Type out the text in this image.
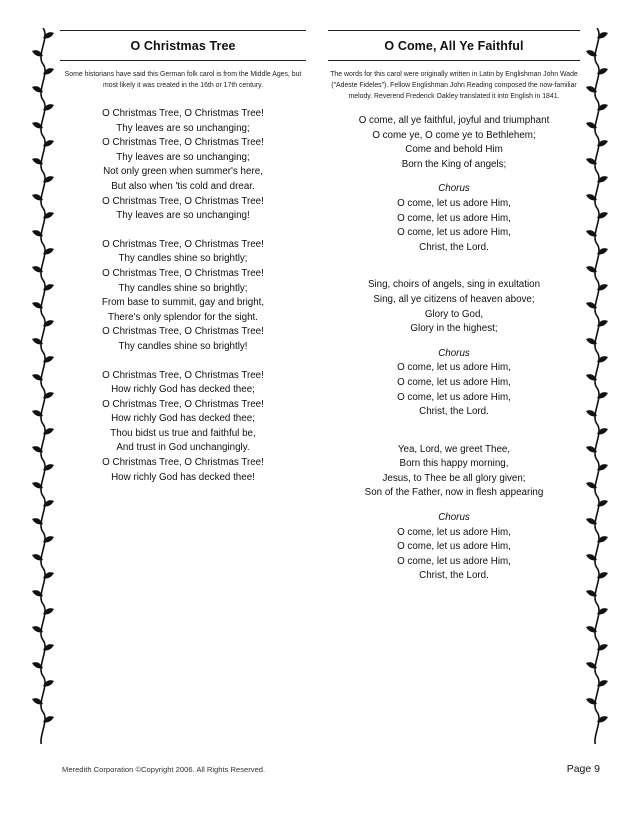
O Christmas Tree
Some historians have said this German folk carol is from the Middle Ages, but most likely it was created in the 16th or 17th century.
O Christmas Tree, O Christmas Tree!
Thy leaves are so unchanging;
O Christmas Tree, O Christmas Tree!
Thy leaves are so unchanging;
Not only green when summer's here,
But also when 'tis cold and drear.
O Christmas Tree, O Christmas Tree!
Thy leaves are so unchanging!
O Christmas Tree, O Christmas Tree!
Thy candles shine so brightly;
O Christmas Tree, O Christmas Tree!
Thy candles shine so brightly;
From base to summit, gay and bright,
There's only splendor for the sight.
O Christmas Tree, O Christmas Tree!
Thy candles shine so brightly!
O Christmas Tree, O Christmas Tree!
How richly God has decked thee;
O Christmas Tree, O Christmas Tree!
How richly God has decked thee;
Thou bidst us true and faithful be,
And trust in God unchangingly.
O Christmas Tree, O Christmas Tree!
How richly God has decked thee!
O Come, All Ye Faithful
The words for this carol were originally written in Latin by Englishman John Wade ("Adeste Fideles"). Fellow Englishman John Reading composed the now-familiar melody. Reverend Frederick Oakley translated it into English in 1841.
O come, all ye faithful, joyful and triumphant
O come ye, O come ye to Bethlehem;
Come and behold Him
Born the King of angels;
Chorus
O come, let us adore Him,
O come, let us adore Him,
O come, let us adore Him,
Christ, the Lord.
Sing, choirs of angels, sing in exultation
Sing, all ye citizens of heaven above;
Glory to God,
Glory in the highest;
Chorus
O come, let us adore Him,
O come, let us adore Him,
O come, let us adore Him,
Christ, the Lord.
Yea, Lord, we greet Thee,
Born this happy morning,
Jesus, to Thee be all glory given;
Son of the Father, now in flesh appearing
Chorus
O come, let us adore Him,
O come, let us adore Him,
O come, let us adore Him,
Christ, the Lord.
Meredith Corporation ©Copyright 2006. All Rights Reserved.	Page 9
